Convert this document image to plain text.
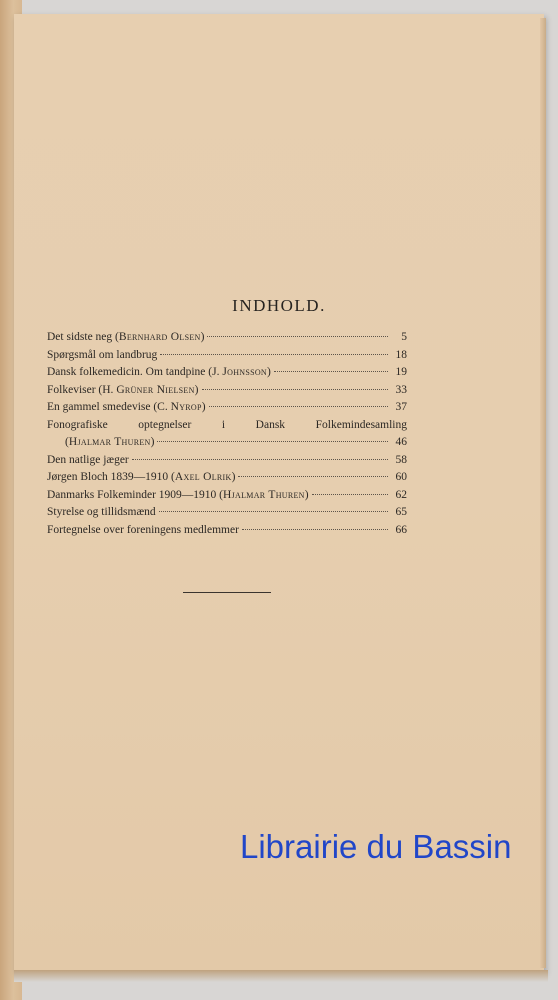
INDHOLD.
Det sidste neg (Bernhard Olsen)	5
Spørgsmål om landbrug	18
Dansk folkemedicin. Om tandpine (J. Johnsson)	19
Folkeviser (H. Grüner Nielsen)	33
En gammel smedevise (C. Nyrop)	37
Fonografiske optegnelser i Dansk Folkemindesamling
(Hjalmar Thuren)	46
Den natlige jæger	58
Jørgen Bloch 1839—1910 (Axel Olrik)	60
Danmarks Folkeminder 1909—1910 (Hjalmar Thuren)	62
Styrelse og tillidsmænd	65
Fortegnelse over foreningens medlemmer	66
Librairie du Bassin
